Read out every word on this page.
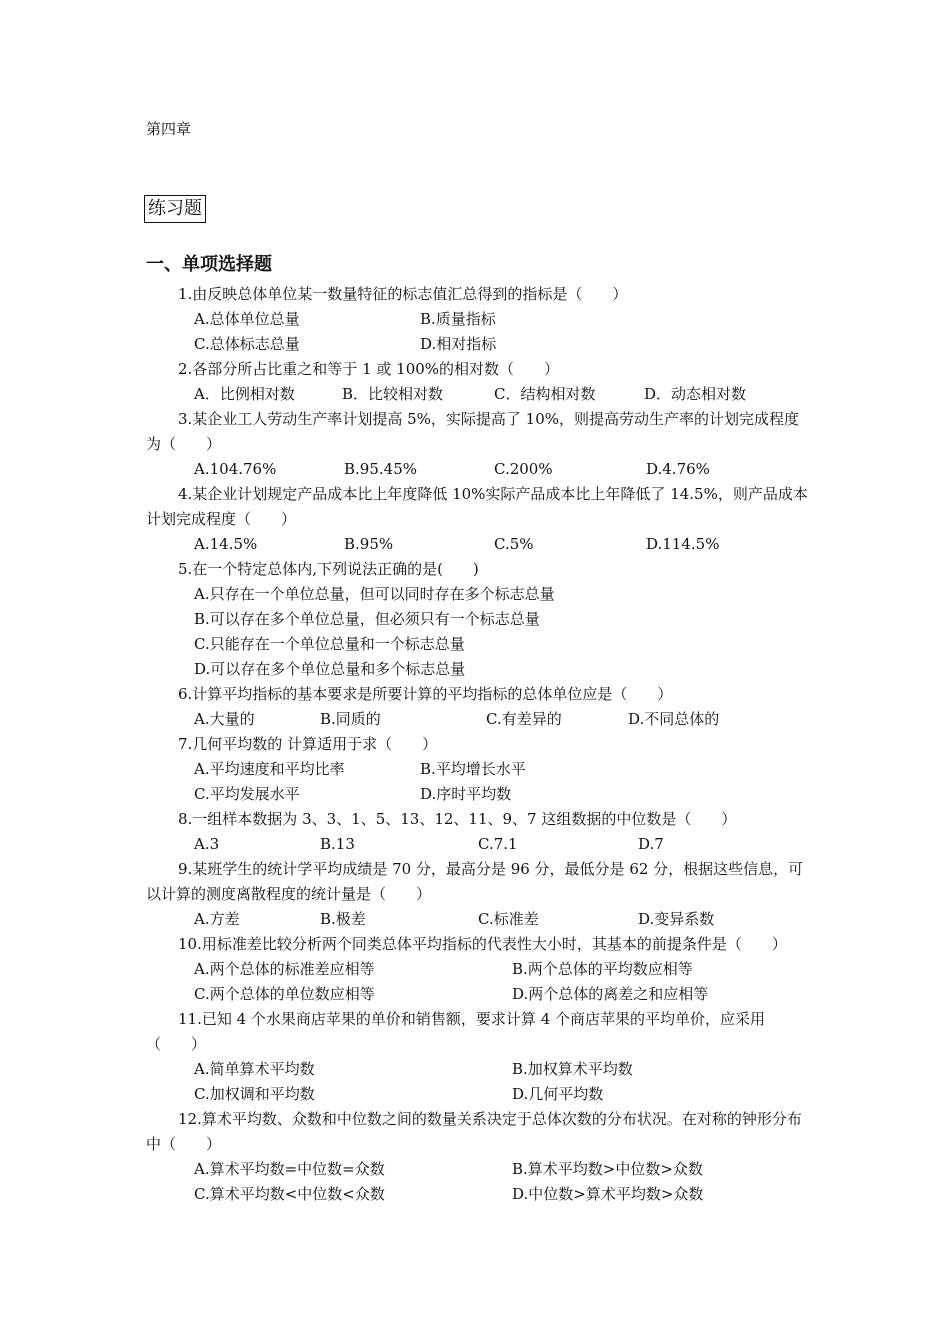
第四章
练习题
一、单项选择题
1.由反映总体单位某一数量特征的标志值汇总得到的指标是（　　）
A.总体单位总量	B.质量指标
C.总体标志总量	D.相对指标
2.各部分所占比重之和等于 1 或 100%的相对数（　　）
A．比例相对数	B．比较相对数	C．结构相对数	D．动态相对数
3.某企业工人劳动生产率计划提高 5%，实际提高了 10%，则提高劳动生产率的计划完成程度为（　　）
A.104.76%	B.95.45%	C.200%	D.4.76%
4.某企业计划规定产品成本比上年度降低 10%实际产品成本比上年降低了 14.5%，则产品成本计划完成程度（　　）
A.14.5%	B.95%	C.5%	D.114.5%
5.在一个特定总体内,下列说法正确的是(　　)
A.只存在一个单位总量，但可以同时存在多个标志总量
B.可以存在多个单位总量，但必须只有一个标志总量
C.只能存在一个单位总量和一个标志总量
D.可以存在多个单位总量和多个标志总量
6.计算平均指标的基本要求是所要计算的平均指标的总体单位应是（　　）
A.大量的	B.同质的	C.有差异的	D.不同总体的
7.几何平均数的 计算适用于求（　　）
A.平均速度和平均比率	B.平均增长水平
C.平均发展水平	D.序时平均数
8.一组样本数据为 3、3、1、5、13、12、11、9、7 这组数据的中位数是（　　）
A.3	B.13	C.7.1	D.7
9.某班学生的统计学平均成绩是 70 分，最高分是 96 分，最低分是 62 分，根据这些信息，可以计算的测度离散程度的统计量是（　　）
A.方差	B.极差	C.标准差	D.变异系数
10.用标准差比较分析两个同类总体平均指标的代表性大小时，其基本的前提条件是（　　）
A.两个总体的标准差应相等	B.两个总体的平均数应相等
C.两个总体的单位数应相等	D.两个总体的离差之和应相等
11.已知 4 个水果商店苹果的单价和销售额，要求计算 4 个商店苹果的平均单价，应采用（　　）
A.简单算术平均数	B.加权算术平均数
C.加权调和平均数	D.几何平均数
12.算术平均数、众数和中位数之间的数量关系决定于总体次数的分布状况。在对称的钟形分布中（　　）
A.算术平均数=中位数=众数	B.算术平均数>中位数>众数
C.算术平均数<中位数<众数	D.中位数>算术平均数>众数
